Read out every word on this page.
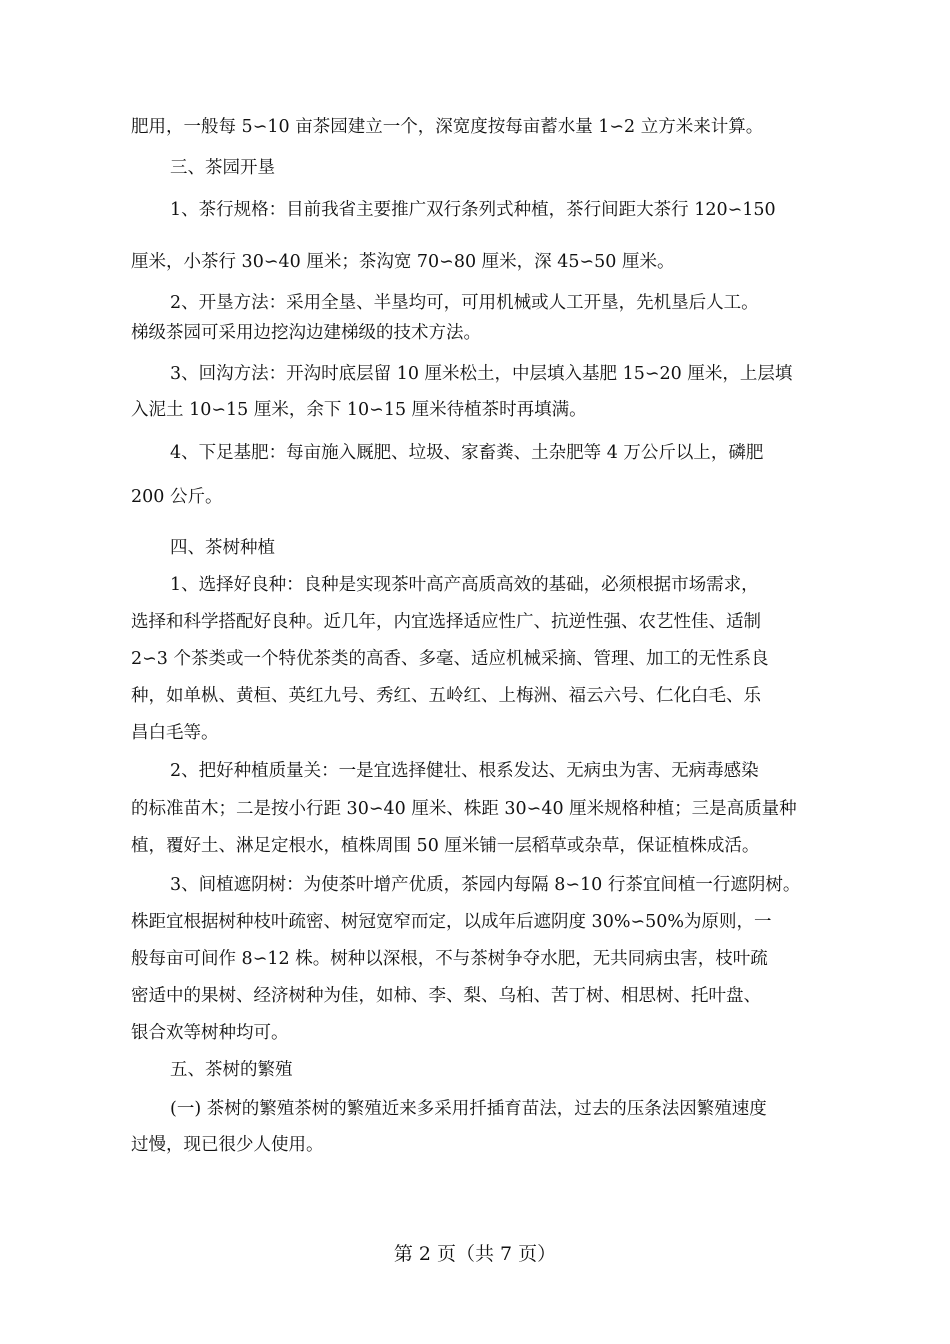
肥用，一般每 5∽10 亩茶园建立一个，深宽度按每亩蓄水量 1∽2 立方米来计算。

三、茶园开垦

1、茶行规格：目前我省主要推广双行条列式种植，茶行间距大茶行 120∽150

厘米，小茶行 30∽40 厘米；茶沟宽 70∽80 厘米，深 45∽50 厘米。

2、开垦方法：采用全垦、半垦均可，可用机械或人工开垦，先机垦后人工。

梯级茶园可采用边挖沟边建梯级的技术方法。

3、回沟方法：开沟时底层留 10 厘米松土，中层填入基肥 15∽20 厘米，上层填

入泥土 10∽15 厘米，余下 10∽15 厘米待植茶时再填满。

4、下足基肥：每亩施入厩肥、垃圾、家畜粪、土杂肥等 4 万公斤以上，磷肥

200 公斤。

四、茶树种植

1、选择好良种：良种是实现茶叶高产高质高效的基础，必须根据市场需求，

选择和科学搭配好良种。近几年，内宜选择适应性广、抗逆性强、农艺性佳、适制

2∽3 个茶类或一个特优茶类的高香、多毫、适应机械采摘、管理、加工的无性系良

种，如单枞、黄桓、英红九号、秀红、五岭红、上梅洲、福云六号、仁化白毛、乐

昌白毛等。

2、把好种植质量关：一是宜选择健壮、根系发达、无病虫为害、无病毒感染

的标准苗木；二是按小行距 30∽40 厘米、株距 30∽40 厘米规格种植；三是高质量种

植，覆好土、淋足定根水，植株周围 50 厘米铺一层稻草或杂草，保证植株成活。

3、间植遮阴树：为使茶叶增产优质，茶园内每隔 8∽10 行茶宜间植一行遮阴树。

株距宜根据树种枝叶疏密、树冠宽窄而定，以成年后遮阴度 30%∽50%为原则，一

般每亩可间作 8∽12 株。树种以深根，不与茶树争夺水肥，无共同病虫害，枝叶疏

密适中的果树、经济树种为佳，如柿、李、梨、乌桕、苦丁树、相思树、托叶盘、

银合欢等树种均可。

五、茶树的繁殖

(一) 茶树的繁殖茶树的繁殖近来多采用扦插育苗法，过去的压条法因繁殖速度

过慢，现已很少人使用。

第 2 页（共 7 页）
